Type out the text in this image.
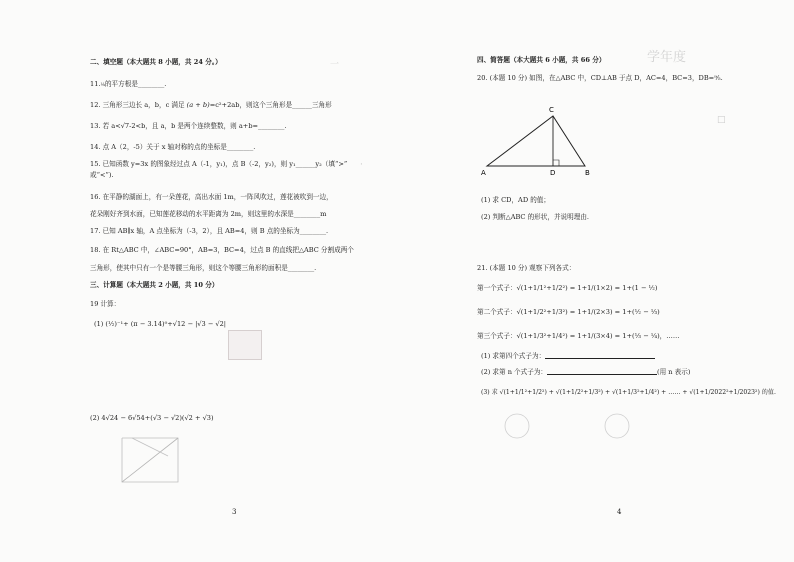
一
·
二、填空题（本大题共 8 小题，共 24 分。）
11.¹⁄₉的平方根是________.
12. 三角形三边长 a，b，c 满足 (a + b)=c²+2ab，则这个三角形是______三角形
13. 若 a<√7-2<b，且 a，b 是两个连续整数，则 a+b=________.
14. 点 A（2，-5）关于 x 轴对称的点的坐标是________.
15. 已知函数 y=3x 的图象经过点 A（-1，y₁)，点 B（-2，y₂)，则 y₁______y₂（填“>”
或“<”).
16. 在平静的湖面上，有一朵莲花，高出水面 1m，一阵风吹过，莲花被吹到一边，
花朵刚好齐到水面，已知莲花移动的水平距离为 2m，则这里的水深是________m
17. 已知 AB∥x 轴，A 点坐标为（-3，2），且 AB=4，则 B 点的坐标为________.
18. 在 Rt△ABC 中，∠ABC=90°，AB=3，BC=4，过点 B 的直线把△ABC 分割成两个
三角形，使其中只有一个是等腰三角形，则这个等腰三角形的面积是________.
三、计算题（本大题共 2 小题，共 10 分）
19 计算：
(1) (½)⁻¹+ (π − 3.14)⁰+√12 − |√3 − √2|
(2) 4√24 − 6√54+(√3 − √2)(√2 + √3)
3
学年度
□
四、简答题（本大题共 6 小题，共 66 分）
20. (本题 10 分) 如图，在△ABC 中，CD⊥AB 于点 D，AC=4，BC=3，DB=⁹⁄₅.
C
A	D	B
(1) 求 CD，AD 的值；
(2) 判断△ABC 的形状，并说明理由.
21. (本题 10 分) 观察下列各式：
第一个式子：√(1+1/1²+1/2²) = 1+1/(1×2) = 1+(1 − ½)
第二个式子：√(1+1/2²+1/3²) = 1+1/(2×3) = 1+(½ − ⅓)
第三个式子：√(1+1/3²+1/4²) = 1+1/(3×4) = 1+(⅓ − ¼)，……
(1) 求第四个式子为：
(2) 求第 n 个式子为：	(用 n 表示)
(3) 求 √(1+1/1²+1/2²) + √(1+1/2²+1/3²) + √(1+1/3²+1/4²) + …… + √(1+1/2022²+1/2023²) 的值.
4
